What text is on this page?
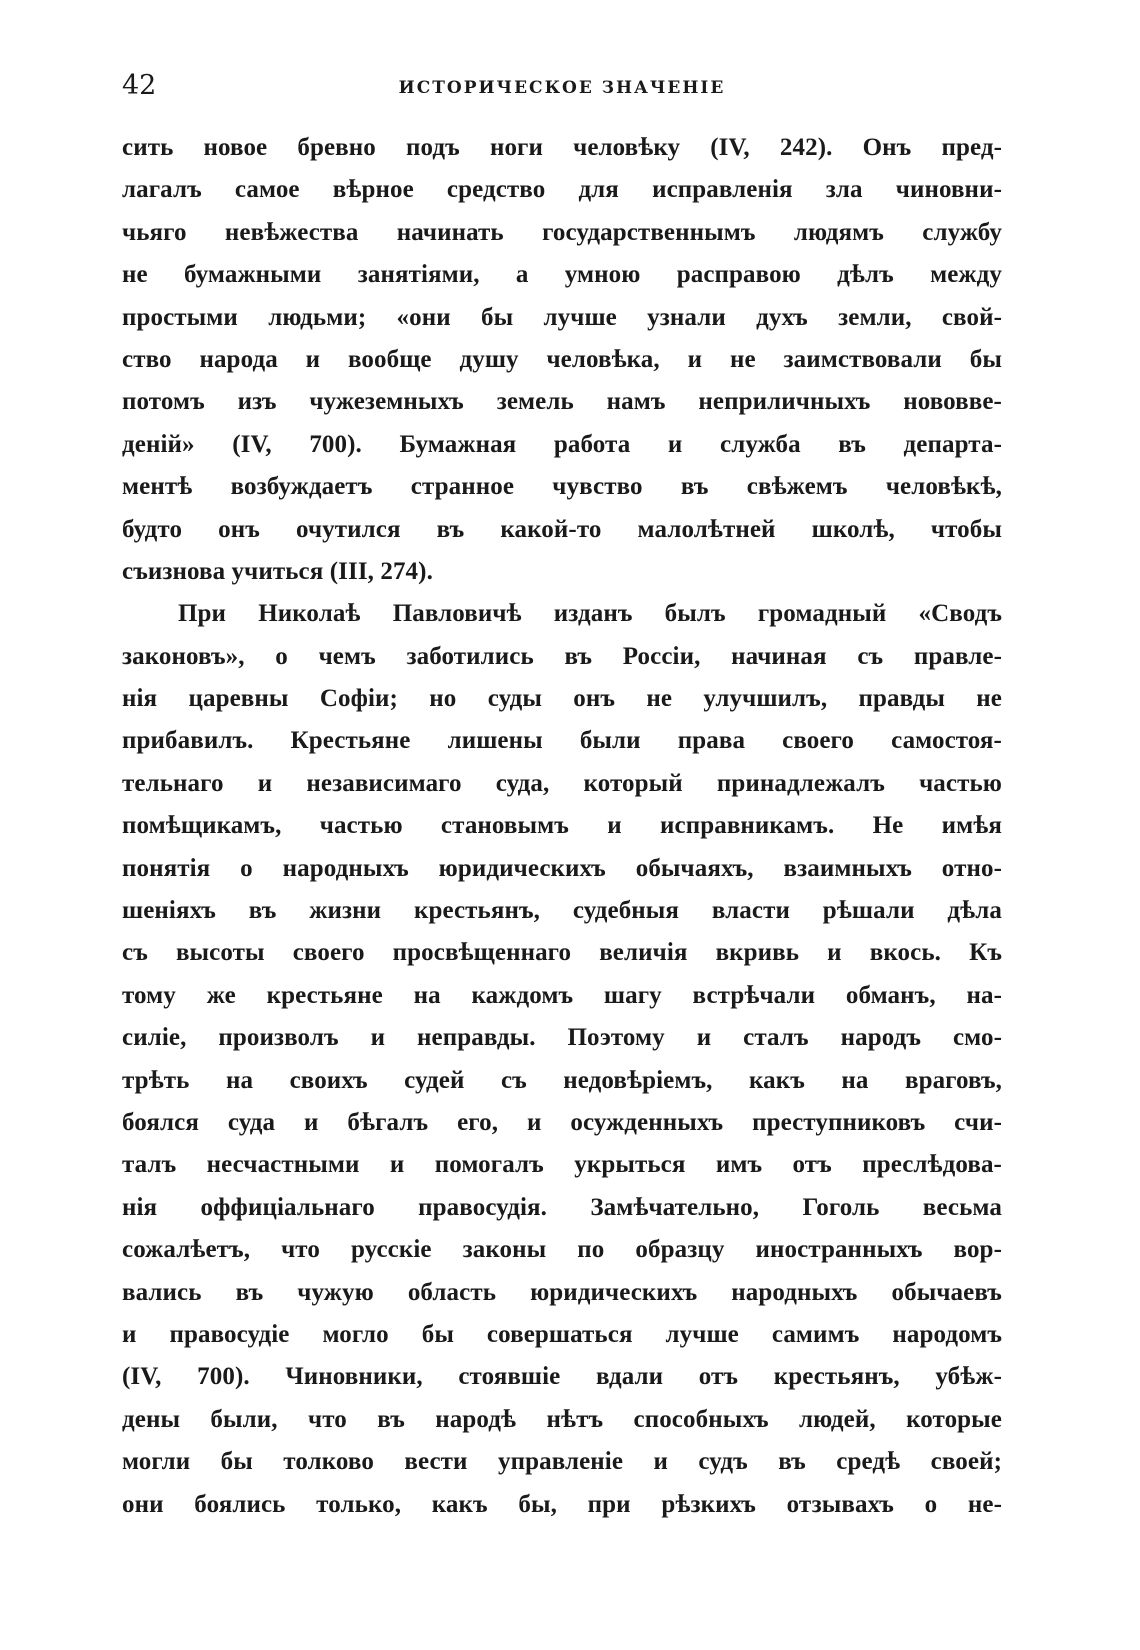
42	ИСТОРИЧЕСКОЕ ЗНАЧЕНІЕ
сить новое бревно подъ ноги человѣку (IV, 242). Онъ пред-
лагалъ самое вѣрное средство для исправленія зла чиновни-
чьяго невѣжества начинать государственнымъ людямъ службу
не бумажными занятіями, а умною расправою дѣлъ между
простыми людьми; «они бы лучше узнали духъ земли, свой-
ство народа и вообще душу человѣка, и не заимствовали бы
потомъ изъ чужеземныхъ земель намъ неприличныхъ нововве-
деній» (IV, 700). Бумажная работа и служба въ департа-
ментѣ возбуждаетъ странное чувство въ свѣжемъ человѣкѣ,
будто онъ очутился въ какой-то малолѣтней школѣ, чтобы
съизнова учиться (III, 274).
При Николаѣ Павловичѣ изданъ былъ громадный «Сводъ
законовъ», о чемъ заботились въ Россіи, начиная съ правле-
нія царевны Софіи; но суды онъ не улучшилъ, правды не
прибавилъ. Крестьяне лишены были права своего самостоя-
тельнаго и независимаго суда, который принадлежалъ частью
помѣщикамъ, частью становымъ и исправникамъ. Не имѣя
понятія о народныхъ юридическихъ обычаяхъ, взаимныхъ отно-
шеніяхъ въ жизни крестьянъ, судебныя власти рѣшали дѣла
съ высоты своего просвѣщеннаго величія вкривь и вкось. Къ
тому же крестьяне на каждомъ шагу встрѣчали обманъ, на-
силіе, произволъ и неправды. Поэтому и сталъ народъ смо-
трѣть на своихъ судей съ недовѣріемъ, какъ на враговъ,
боялся суда и бѣгалъ его, и осужденныхъ преступниковъ счи-
талъ несчастными и помогалъ укрыться имъ отъ преслѣдова-
нія оффиціальнаго правосудія. Замѣчательно, Гоголь весьма
сожалѣетъ, что русскіе законы по образцу иностранныхъ вор-
вались въ чужую область юридическихъ народныхъ обычаевъ
и правосудіе могло бы совершаться лучше самимъ народомъ
(IV, 700). Чиновники, стоявшіе вдали отъ крестьянъ, убѣж-
дены были, что въ народѣ нѣтъ способныхъ людей, которые
могли бы толково вести управленіе и судъ въ средѣ своей;
они боялись только, какъ бы, при рѣзкихъ отзывахъ о не-
